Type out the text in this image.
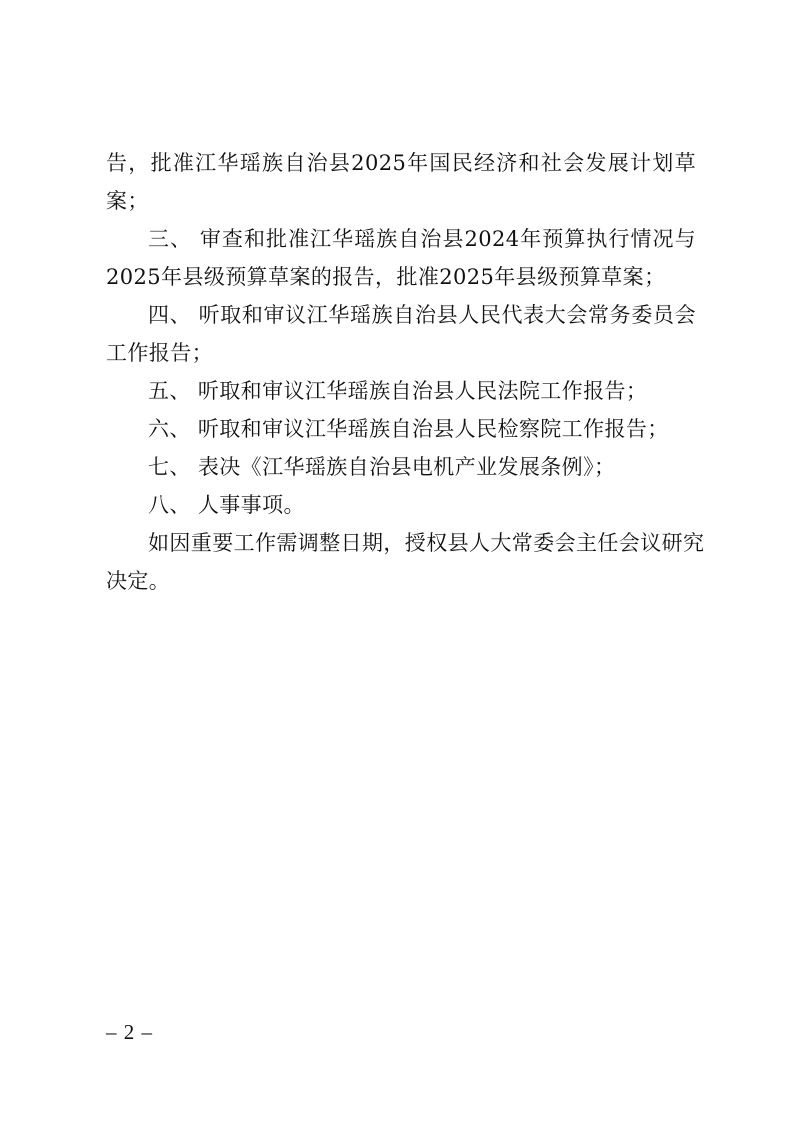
告，批准江华瑶族自治县2025年国民经济和社会发展计划草
案；
三、 审查和批准江华瑶族自治县2024年预算执行情况与
2025年县级预算草案的报告，批准2025年县级预算草案；
四、 听取和审议江华瑶族自治县人民代表大会常务委员会
工作报告；
五、 听取和审议江华瑶族自治县人民法院工作报告；
六、 听取和审议江华瑶族自治县人民检察院工作报告；
七、 表决《江华瑶族自治县电机产业发展条例》；
八、 人事事项。
如因重要工作需调整日期，授权县人大常委会主任会议研究
决定。
– 2 –
